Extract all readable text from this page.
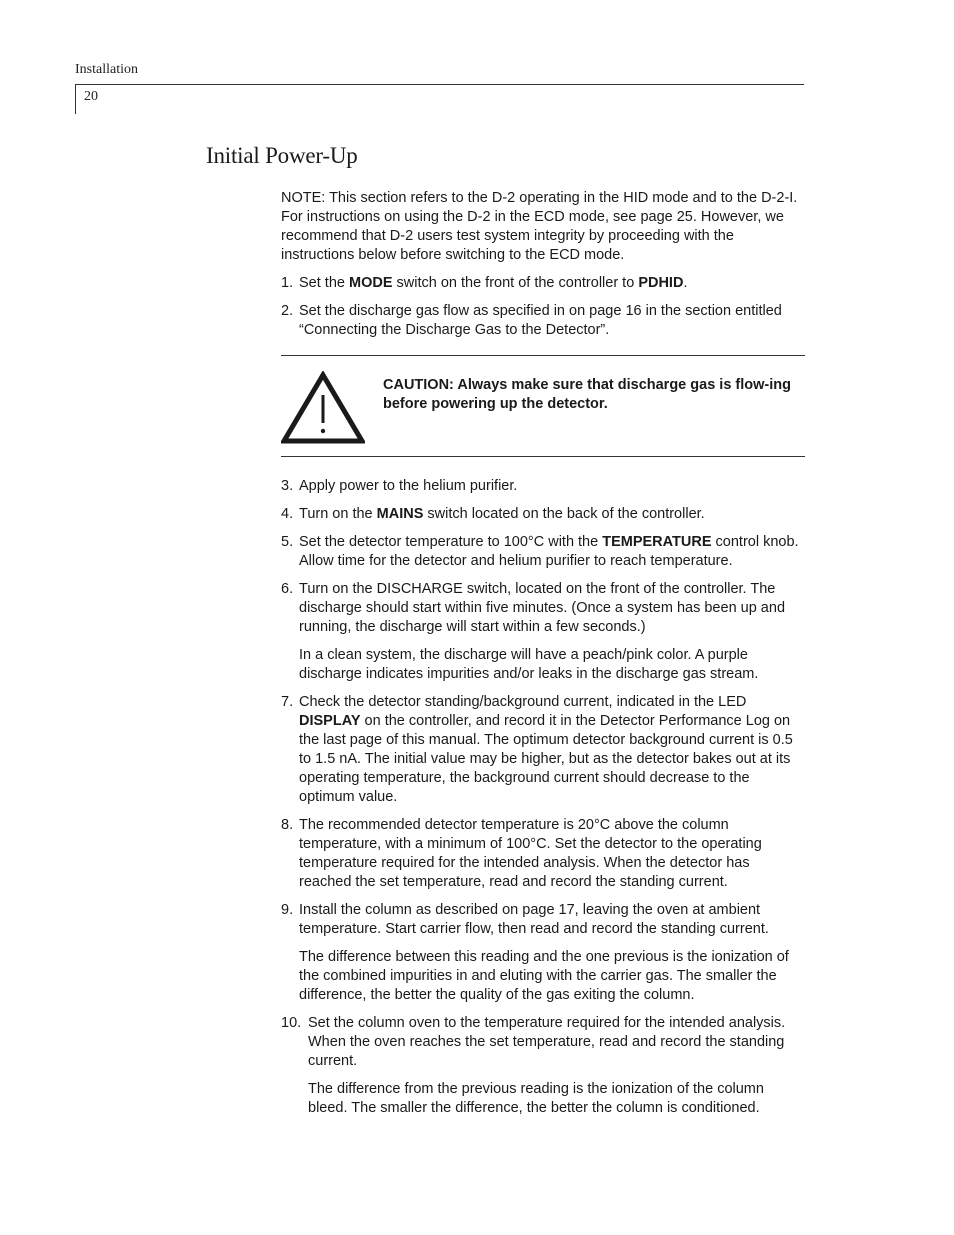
Installation
20
Initial Power-Up

NOTE: This section refers to the D-2 operating in the HID mode and to the D-2-I. For instructions on using the D-2 in the ECD mode, see page 25. However, we recommend that D-2 users test system integrity by proceeding with the instructions below before switching to the ECD mode.

1. Set the MODE switch on the front of the controller to PDHID.
2. Set the discharge gas flow as specified in on page 16 in the section entitled “Connecting the Discharge Gas to the Detector”.
CAUTION: Always make sure that discharge gas is flow-ing before powering up the detector.
3. Apply power to the helium purifier.
4. Turn on the MAINS switch located on the back of the controller.
5. Set the detector temperature to 100°C with the TEMPERATURE control knob. Allow time for the detector and helium purifier to reach temperature.
6. Turn on the DISCHARGE switch, located on the front of the controller. The discharge should start within five minutes. (Once a system has been up and running, the discharge will start within a few seconds.)

In a clean system, the discharge will have a peach/pink color. A purple discharge indicates impurities and/or leaks in the discharge gas stream.

7. Check the detector standing/background current, indicated in the LED DISPLAY on the controller, and record it in the Detector Performance Log on the last page of this manual. The optimum detector background current is 0.5 to 1.5 nA. The initial value may be higher, but as the detector bakes out at its operating temperature, the background current should decrease to the optimum value.
8. The recommended detector temperature is 20°C above the column temperature, with a minimum of 100°C. Set the detector to the operating temperature required for the intended analysis. When the detector has reached the set temperature, read and record the standing current.
9. Install the column as described on page 17, leaving the oven at ambient temperature. Start carrier flow, then read and record the standing current.

The difference between this reading and the one previous is the ionization of the combined impurities in and eluting with the carrier gas. The smaller the difference, the better the quality of the gas exiting the column.

10. Set the column oven to the temperature required for the intended analysis. When the oven reaches the set temperature, read and record the standing current.

The difference from the previous reading is the ionization of the column bleed. The smaller the difference, the better the column is conditioned.
